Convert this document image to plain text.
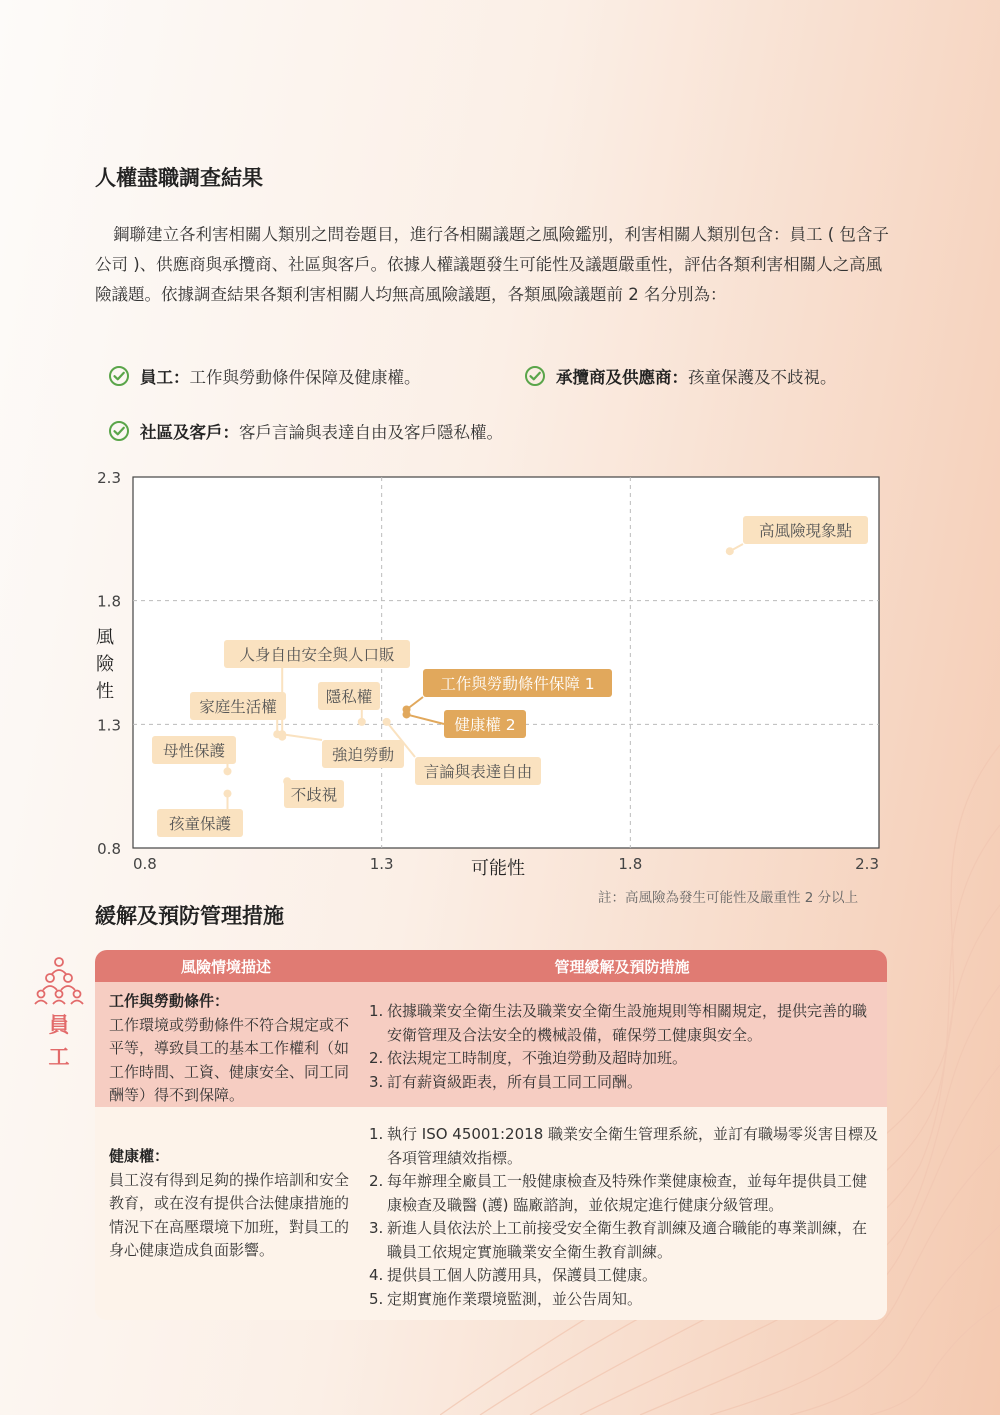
人權盡職調查結果

鋼聯建立各利害相關人類別之問卷題目，進行各相關議題之風險鑑別，利害相關人類別包含：員工 ( 包含子公司 )、供應商與承攬商、社區與客戶。依據人權議題發生可能性及議題嚴重性，評估各類利害相關人之高風險議題。依據調查結果各類利害相關人均無高風險議題，各類風險議題前 2 名分別為：

員工：工作與勞動條件保障及健康權。	承攬商及供應商：孩童保護及不歧視。
社區及客戶：客戶言論與表達自由及客戶隱私權。
2.3
1.8
1.3
0.8
0.8	1.3	1.8	2.3
可能性
風
險
性
高風險現象點
人身自由安全與人口販
家庭生活權
隱私權
工作與勞動條件保障 1
健康權 2
母性保護	強迫勞動
言論與表達自由
不歧視
孩童保護
註：高風險為發生可能性及嚴重性 2 分以上
緩解及預防管理措施
員
工
風險情境描述	管理緩解及預防措施
工作與勞動條件：
工作環境或勞動條件不符合規定或不平等，導致員工的基本工作權利（如工作時間、工資、健康安全、同工同酬等）得不到保障。
1. 依據職業安全衛生法及職業安全衛生設施規則等相關規定，提供完善的職安衛管理及合法安全的機械設備，確保勞工健康與安全。
2. 依法規定工時制度，不強迫勞動及超時加班。
3. 訂有薪資級距表，所有員工同工同酬。
健康權：
員工沒有得到足夠的操作培訓和安全教育，或在沒有提供合法健康措施的情況下在高壓環境下加班，對員工的身心健康造成負面影響。
1. 執行 ISO 45001:2018 職業安全衛生管理系統，並訂有職場零災害目標及各項管理績效指標。
2. 每年辦理全廠員工一般健康檢查及特殊作業健康檢查，並每年提供員工健康檢查及職醫 (護) 臨廠諮詢，並依規定進行健康分級管理。
3. 新進人員依法於上工前接受安全衛生教育訓練及適合職能的專業訓練，在職員工依規定實施職業安全衛生教育訓練。
4. 提供員工個人防護用具，保護員工健康。
5. 定期實施作業環境監測，並公告周知。
